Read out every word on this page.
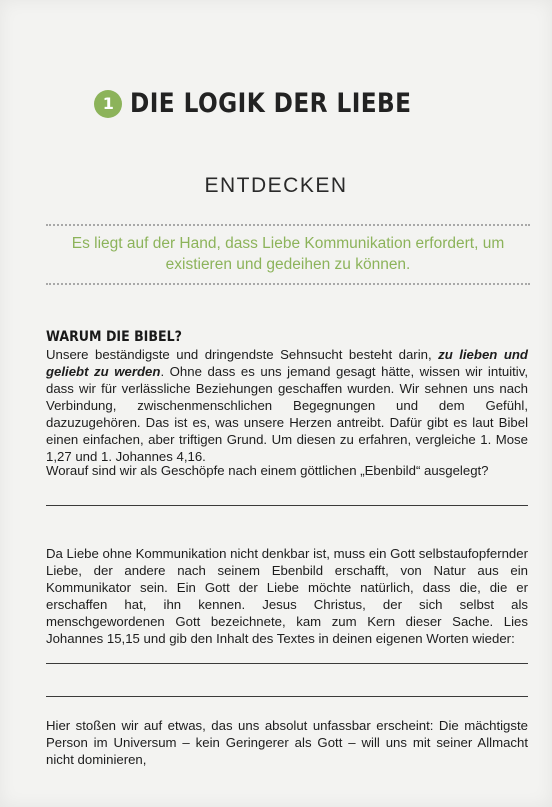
1 DIE LOGIK DER LIEBE
ENTDECKEN
Es liegt auf der Hand, dass Liebe Kommunikation erfordert, um existieren und gedeihen zu können.
WARUM DIE BIBEL?
Unsere beständigste und dringendste Sehnsucht besteht darin, zu lieben und geliebt zu werden. Ohne dass es uns jemand gesagt hätte, wissen wir intuitiv, dass wir für verlässliche Beziehungen geschaffen wurden. Wir sehnen uns nach Verbindung, zwischenmenschlichen Begegnungen und dem Gefühl, dazuzugehören. Das ist es, was unsere Herzen antreibt. Dafür gibt es laut Bibel einen einfachen, aber triftigen Grund. Um diesen zu erfahren, vergleiche 1. Mose 1,27 und 1. Johannes 4,16.
Worauf sind wir als Geschöpfe nach einem göttlichen „Ebenbild“ ausgelegt?
Da Liebe ohne Kommunikation nicht denkbar ist, muss ein Gott selbstaufopfernder Liebe, der andere nach seinem Ebenbild erschafft, von Natur aus ein Kommunikator sein. Ein Gott der Liebe möchte natürlich, dass die, die er erschaffen hat, ihn kennen. Jesus Christus, der sich selbst als menschgewordenen Gott bezeichnete, kam zum Kern dieser Sache. Lies Johannes 15,15 und gib den Inhalt des Textes in deinen eigenen Worten wieder:
Hier stoßen wir auf etwas, das uns absolut unfassbar erscheint: Die mächtigste Person im Universum – kein Geringerer als Gott – will uns mit seiner Allmacht nicht dominieren,
